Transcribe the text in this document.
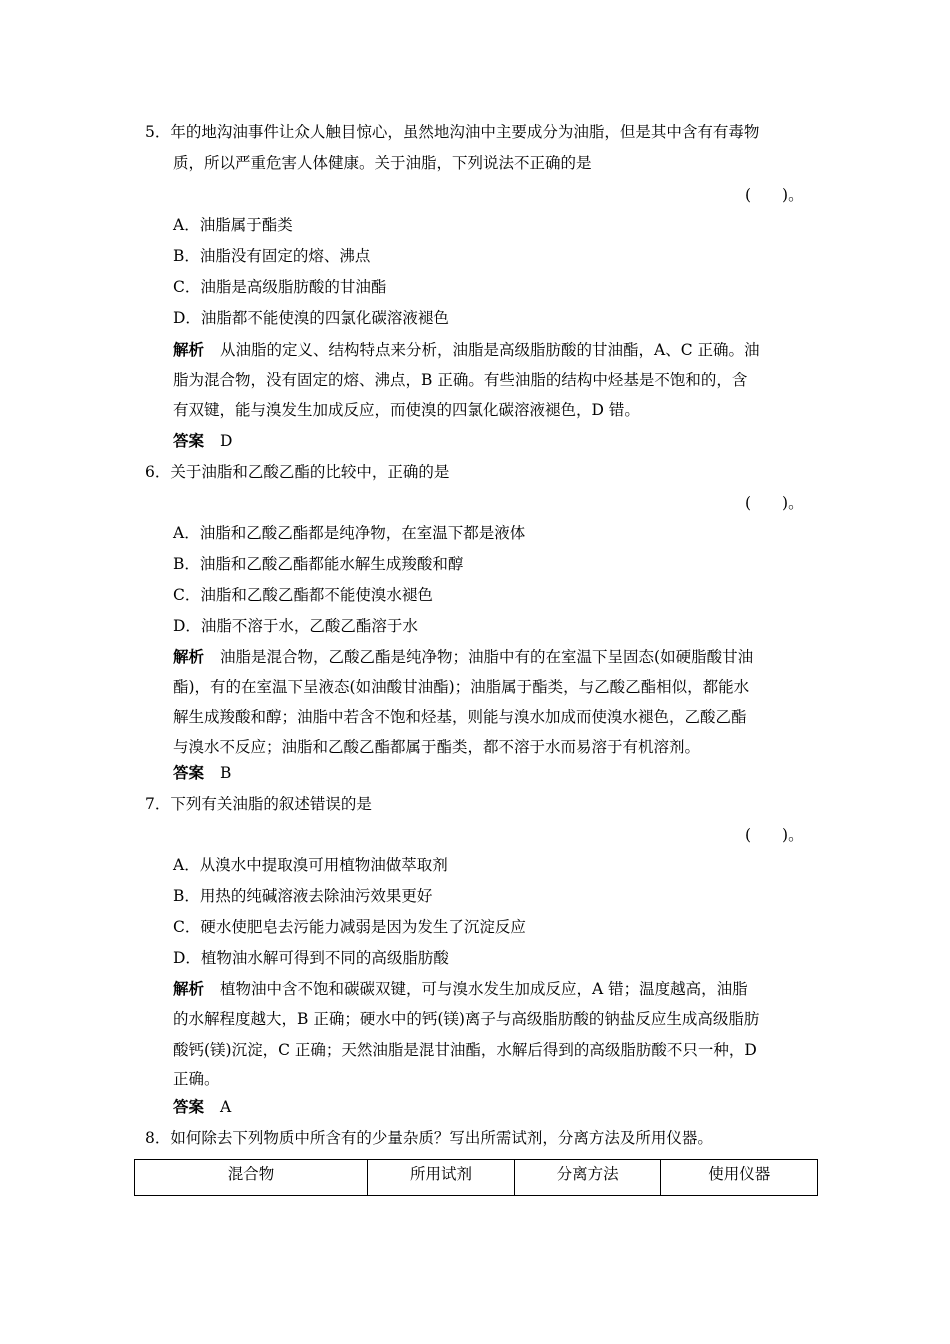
5．年的地沟油事件让众人触目惊心，虽然地沟油中主要成分为油脂，但是其中含有有毒物
质，所以严重危害人体健康。关于油脂，下列说法不正确的是
(　　)。
A．油脂属于酯类
B．油脂没有固定的熔、沸点
C．油脂是高级脂肪酸的甘油酯
D．油脂都不能使溴的四氯化碳溶液褪色
解析 从油脂的定义、结构特点来分析，油脂是高级脂肪酸的甘油酯，A、C 正确。油
脂为混合物，没有固定的熔、沸点，B 正确。有些油脂的结构中烃基是不饱和的，含
有双键，能与溴发生加成反应，而使溴的四氯化碳溶液褪色，D 错。
答案 D
6．关于油脂和乙酸乙酯的比较中，正确的是
(　　)。
A．油脂和乙酸乙酯都是纯净物，在室温下都是液体
B．油脂和乙酸乙酯都能水解生成羧酸和醇
C．油脂和乙酸乙酯都不能使溴水褪色
D．油脂不溶于水，乙酸乙酯溶于水
解析 油脂是混合物，乙酸乙酯是纯净物；油脂中有的在室温下呈固态(如硬脂酸甘油
酯)，有的在室温下呈液态(如油酸甘油酯)；油脂属于酯类，与乙酸乙酯相似，都能水
解生成羧酸和醇；油脂中若含不饱和烃基，则能与溴水加成而使溴水褪色，乙酸乙酯
与溴水不反应；油脂和乙酸乙酯都属于酯类，都不溶于水而易溶于有机溶剂。
答案 B
7．下列有关油脂的叙述错误的是
(　　)。
A．从溴水中提取溴可用植物油做萃取剂
B．用热的纯碱溶液去除油污效果更好
C．硬水使肥皂去污能力减弱是因为发生了沉淀反应
D．植物油水解可得到不同的高级脂肪酸
解析 植物油中含不饱和碳碳双键，可与溴水发生加成反应，A 错；温度越高，油脂
的水解程度越大，B 正确；硬水中的钙(镁)离子与高级脂肪酸的钠盐反应生成高级脂肪
酸钙(镁)沉淀，C 正确；天然油脂是混甘油酯，水解后得到的高级脂肪酸不只一种，D
正确。
答案 A
8．如何除去下列物质中所含有的少量杂质？写出所需试剂，分离方法及所用仪器。
混合物	所用试剂	分离方法	使用仪器
